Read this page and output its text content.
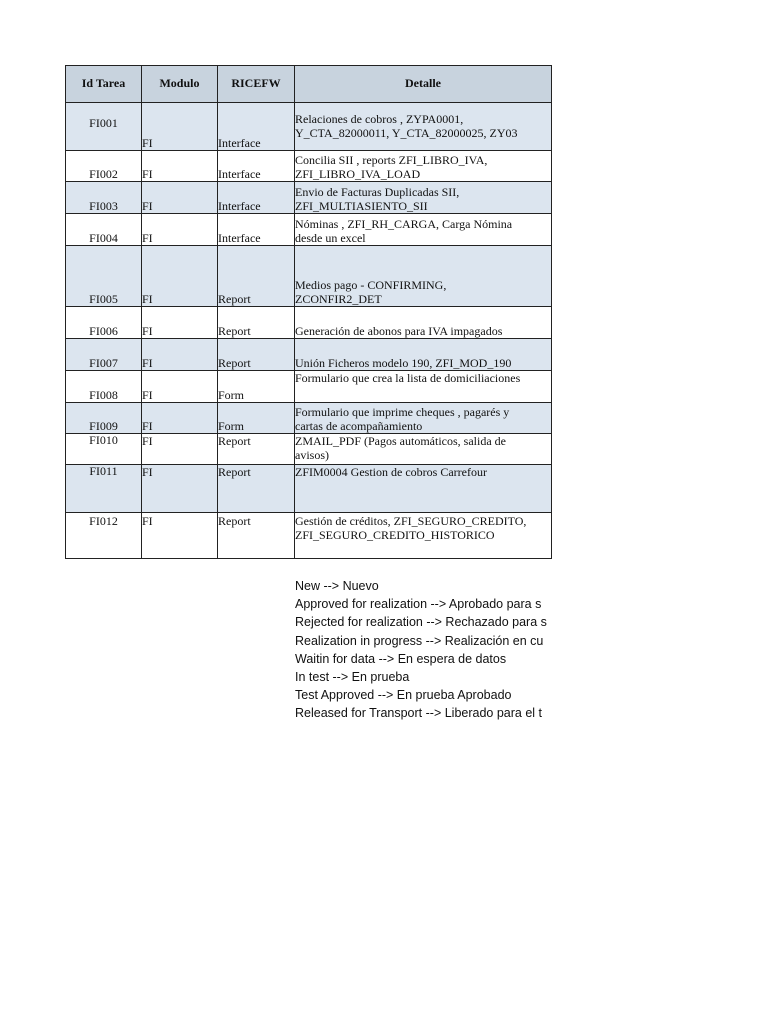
Id Tarea	Modulo	RICEFW	Detalle
FI001	FI	Interface	Relaciones de cobros , ZYPA0001,
Y_CTA_82000011, Y_CTA_82000025, ZY03

FI002	FI	Interface	Concilia SII , reports ZFI_LIBRO_IVA,
ZFI_LIBRO_IVA_LOAD

FI003	FI	Interface	Envio de Facturas Duplicadas SII,
ZFI_MULTIASIENTO_SII

FI004	FI	Interface	Nóminas , ZFI_RH_CARGA, Carga Nómina
desde un excel

FI005	FI	Report	Medios pago - CONFIRMING,
ZCONFIR2_DET

FI006	FI	Report	Generación de abonos para IVA impagados

FI007	FI	Report	Unión Ficheros modelo 190, ZFI_MOD_190

FI008	FI	Form	Formulario que crea la lista de domiciliaciones

FI009	FI	Form	Formulario que imprime cheques , pagarés y
cartas de acompañamiento

FI010	FI	Report	ZMAIL_PDF (Pagos automáticos, salida de
avisos)

FI011	FI	Report	ZFIM0004 Gestion de cobros Carrefour

FI012	FI	Report	Gestión de créditos, ZFI_SEGURO_CREDITO,
ZFI_SEGURO_CREDITO_HISTORICO
New --> Nuevo
Approved for realization --> Aprobado para s
Rejected for realization --> Rechazado para s
Realization in progress --> Realización en cu
Waitin for data --> En espera de datos
In test --> En prueba
Test Approved --> En prueba Aprobado
Released for Transport --> Liberado para el t
